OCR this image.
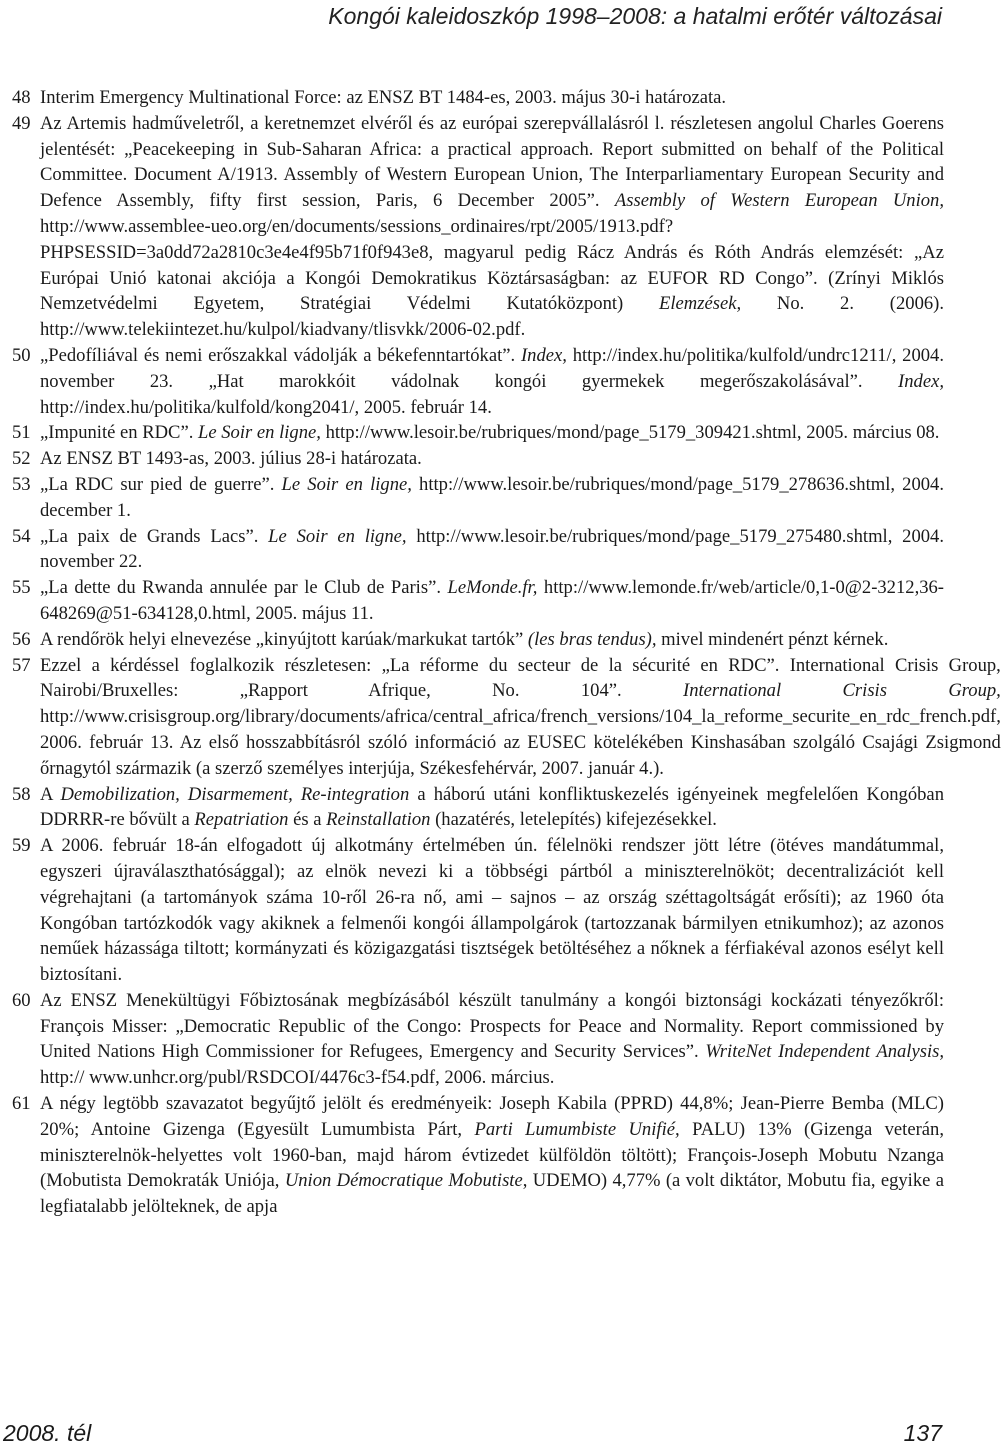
Kongói kaleidoszkóp 1998–2008: a hatalmi erőtér változásai
48 Interim Emergency Multinational Force: az ENSZ BT 1484-es, 2003. május 30-i határozata.
49 Az Artemis hadműveletről, a keretnemzet elvéről és az európai szerepvállalásról l. részletesen angolul Charles Goerens jelentését: „Peacekeeping in Sub-Saharan Africa: a practical approach. Report submitted on behalf of the Political Committee. Document A/1913. Assembly of Western European Union, The Interparliamentary European Security and Defence Assembly, fifty first session, Paris, 6 December 2005”. Assembly of Western European Union, http://www.assemblee-ueo.org/en/documents/sessions_ordinaires/rpt/2005/1913.pdf?PHPSESSID=3a0dd72a2810c3e4e4f95b71f0f943e8, magyarul pedig Rácz András és Róth András elemzését: „Az Európai Unió katonai akciója a Kongói Demokratikus Köztársaságban: az EUFOR RD Congo”. (Zrínyi Miklós Nemzetvédelmi Egyetem, Stratégiai Védelmi Kutatóközpont) Elemzések, No. 2. (2006). http://www.telekiintezet.hu/kulpol/kiadvany/tlisvkk/2006-02.pdf.
50 „Pedofíliával és nemi erőszakkal vádolják a békefenntartókat”. Index, http://index.hu/politika/kulfold/undrc1211/, 2004. november 23. „Hat marokkóit vádolnak kongói gyermekek megerőszakolásával”. Index, http://index.hu/politika/kulfold/kong2041/, 2005. február 14.
51 „Impunité en RDC”. Le Soir en ligne, http://www.lesoir.be/rubriques/mond/page_5179_309421.shtml, 2005. március 08.
52 Az ENSZ BT 1493-as, 2003. július 28-i határozata.
53 „La RDC sur pied de guerre”. Le Soir en ligne, http://www.lesoir.be/rubriques/mond/page_5179_278636.shtml, 2004. december 1.
54 „La paix de Grands Lacs”. Le Soir en ligne, http://www.lesoir.be/rubriques/mond/page_5179_275480.shtml, 2004. november 22.
55 „La dette du Rwanda annulée par le Club de Paris”. LeMonde.fr, http://www.lemonde.fr/web/article/0,1-0@2-3212,36-648269@51-634128,0.html, 2005. május 11.
56 A rendőrök helyi elnevezése „kinyújtott karúak/markukat tartók” (les bras tendus), mivel mindenért pénzt kérnek.
57 Ezzel a kérdéssel foglalkozik részletesen: „La réforme du secteur de la sécurité en RDC”. International Crisis Group, Nairobi/Bruxelles: „Rapport Afrique, No. 104”. International Crisis Group, http://www.crisisgroup.org/library/documents/africa/central_africa/french_versions/104_la_reforme_securite_en_rdc_french.pdf, 2006. február 13. Az első hosszabbításról szóló információ az EUSEC kötelékében Kinshasában szolgáló Csajági Zsigmond őrnagytól származik (a szerző személyes interjúja, Székesfehérvár, 2007. január 4.).
58 A Demobilization, Disarmement, Re-integration a háború utáni konfliktuskezelés igényeinek megfelelően Kongóban DDRRR-re bővült a Repatriation és a Reinstallation (hazatérés, letelepítés) kifejezésekkel.
59 A 2006. február 18-án elfogadott új alkotmány értelmében ún. félelnöki rendszer jött létre (ötéves mandátummal, egyszeri újraválaszthatósággal); az elnök nevezi ki a többségi pártból a miniszterelnököt; decentralizációt kell végrehajtani (a tartományok száma 10-ről 26-ra nő, ami – sajnos – az ország széttagoltságát erősíti); az 1960 óta Kongóban tartózkodók vagy akiknek a felmenői kongói állampolgárok (tartozzanak bármilyen etnikumhoz); az azonos neműek házassága tiltott; kormányzati és közigazgatási tisztségek betöltéséhez a nőknek a férfiakéval azonos esélyt kell biztosítani.
60 Az ENSZ Menekültügyi Főbiztosának megbízásából készült tanulmány a kongói biztonsági kockázati tényezőkről: François Misser: „Democratic Republic of the Congo: Prospects for Peace and Normality. Report commissioned by United Nations High Commissioner for Refugees, Emergency and Security Services”. WriteNet Independent Analysis, http:// www.unhcr.org/publ/RSDCOI/4476c3-f54.pdf, 2006. március.
61 A négy legtöbb szavazatot begyűjtő jelölt és eredményeik: Joseph Kabila (PPRD) 44,8%; Jean-Pierre Bemba (MLC) 20%; Antoine Gizenga (Egyesült Lumumbista Párt, Parti Lumumbiste Unifié, PALU) 13% (Gizenga veterán, miniszterelnök-helyettes volt 1960-ban, majd három évtizedet külföldön töltött); François-Joseph Mobutu Nzanga (Mobutista Demokraták Uniója, Union Démocratique Mobutiste, UDEMO) 4,77% (a volt diktátor, Mobutu fia, egyike a legfiatalabb jelölteknek, de apja
2008. tél	137
